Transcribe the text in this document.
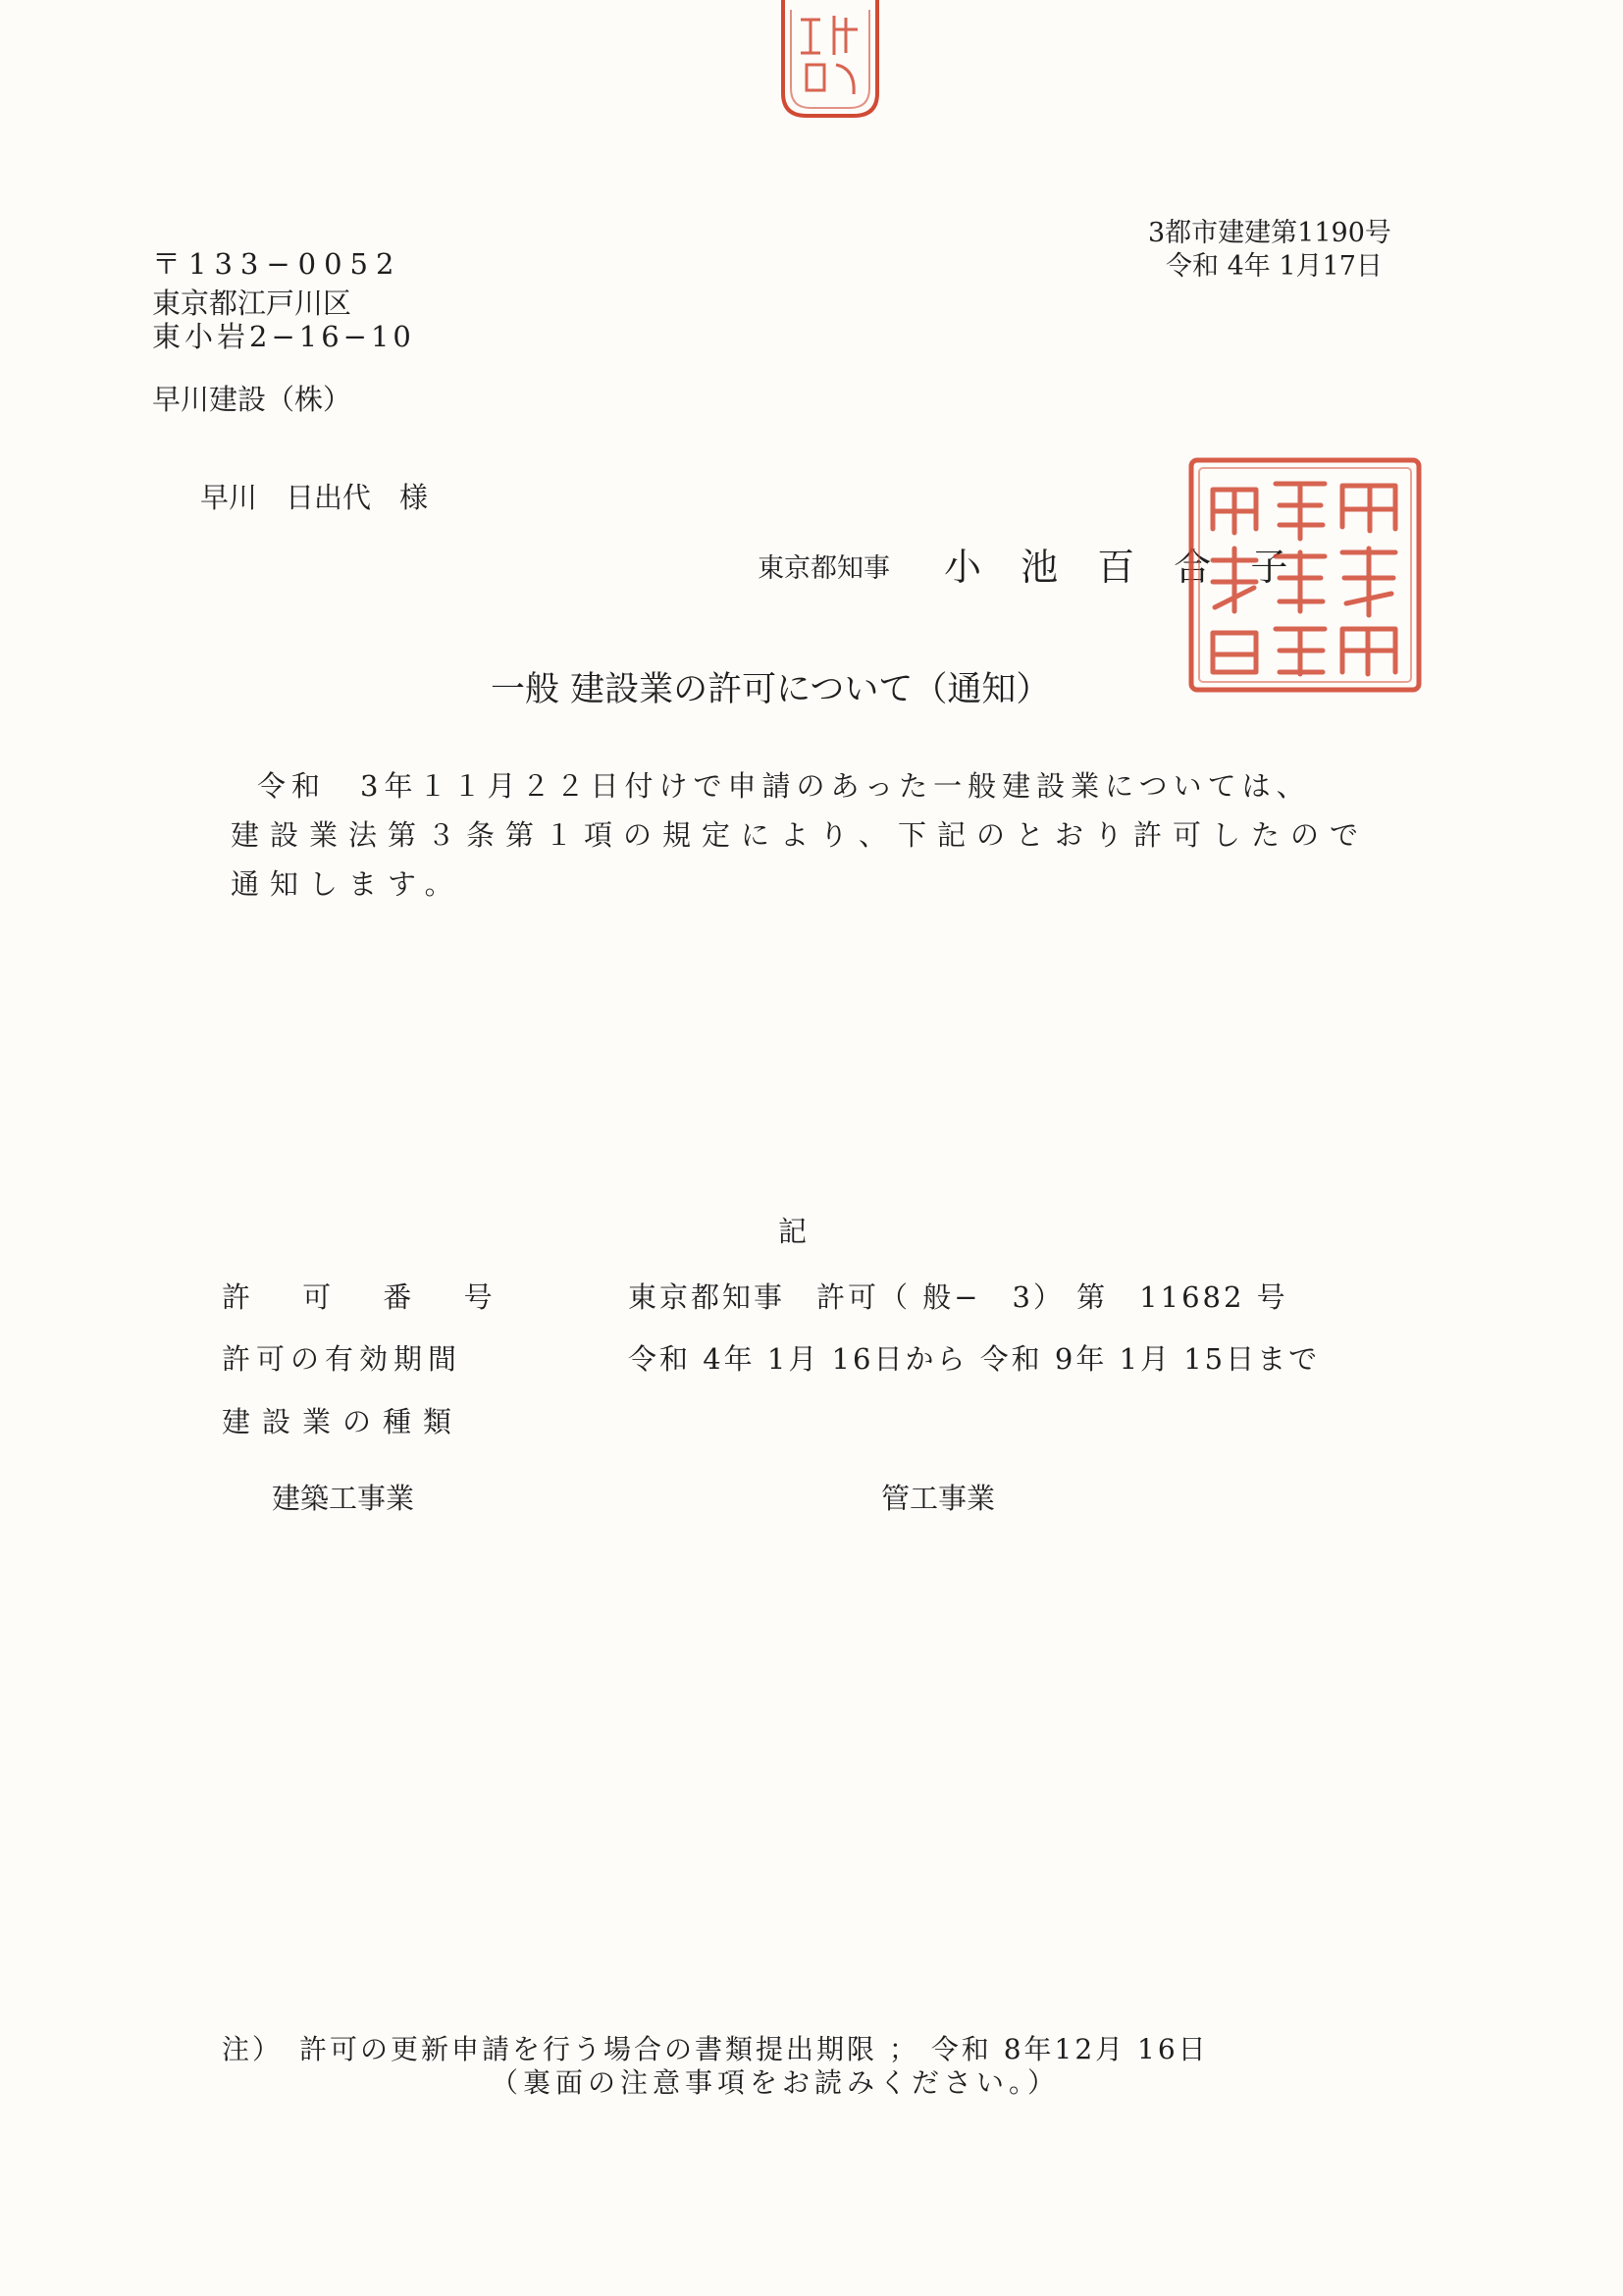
3都市建建第1190号
令和 4年 1月17日
〒133−0052
東京都江戸川区
東小岩2−16−10
早川建設（株）
早川　日出代　様
東京都知事 小 池 百 合 子
一般 建設業の許可について（通知）
令和　3年１１月２２日付けで申請のあった一般建設業については、
建設業法第３条第１項の規定により、下記のとおり許可したので
通知します。
記
許 可 番 号	東京都知事　許可（ 般−　3） 第　11682 号
許可の有効期間	令和 4年 1月 16日から 令和 9年 1月 15日まで
建設業の種類
建築工事業	管工事業
注）　許可の更新申請を行う場合の書類提出期限 ； 令和 8年12月 16日
（裏面の注意事項をお読みください。）
